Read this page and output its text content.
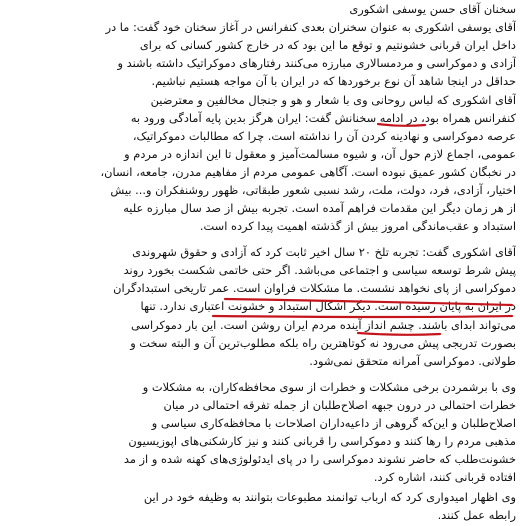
سخنان آقای حسن یوسفی اشکوری
آقای یوسفی اشکوری به عنوان سخنران بعدی کنفرانس در آغاز سخنان خود گفت: ما در
داخل ایران قربانی خشونتیم و توقع ما این بود که در خارج کشور کسانی که برای
آزادی و دموکراسی و مردمسالاری مبارزه می‌کنند رفتارهای دموکراتیک داشته باشند و
حداقل در اینجا شاهد آن نوع برخوردها که در ایران با آن مواجه هستیم نباشیم.
آقای اشکوری که لباس روحانی وی با شعار و هو و جنجال مخالفین و معترضین
کنفرانس همراه بود، در ادامه سخنانش گفت: ایران هرگز بدین پایه آمادگی ورود به
عرصه دموکراسی و نهادینه کردن آن را نداشته است. چرا که مطالبات دموکراتیک،
عمومی، اجماع لازم حول آن، و شیوه مسالمت‌آمیز و معقول تا این اندازه در مردم و
در نخبگان کشور عمیق نبوده است. آگاهی عمومی مردم از مفاهیم مدرن، جامعه، انسان،
اختیار، آزادی، فرد، دولت، ملت، رشد نسبی شعور طبقاتی، ظهور روشنفکران و... بیش
از هر زمان دیگر این مقدمات فراهم آمده است. تجربه بیش از صد سال مبارزه علیه
استبداد و عقب‌ماندگی امروز بیش از گذشته اهمیت پیدا کرده است.
آقای اشکوری گفت: تجربه تلخ ۲۰ سال اخیر ثابت کرد که آزادی و حقوق شهروندی
پیش شرط توسعه سیاسی و اجتماعی می‌باشد. اگر حتی خاتمی شکست بخورد روند
دموکراسی از پای نخواهد نشست. ما مشکلات فراوان است. عمر تاریخی استبدادگران
در ایران به پایان رسیده است. دیگر اشکال استبداد و خشونت اعتباری ندارد. تنها
می‌تواند ابدای باشند. چشم انداز آینده مردم ایران روشن است. این بار دموکراسی
بصورت تدریجی پیش می‌رود نه کوتاهترین راه بلکه مطلوب‌ترین آن و البته سخت و
طولانی. دموکراسی آمرانه متحقق نمی‌شود.
وی با برشمردن برخی مشکلات و خطرات از سوی محافظه‌کاران، به مشکلات و
خطرات احتمالی در درون جبهه اصلاح‌طلبان از جمله تفرقه احتمالی در میان
اصلاح‌طلبان و این‌که گروهی از داعیه‌داران اصلاحات با محافظه‌کاری سیاسی و
مذهبی مردم را رها کنند و دموکراسی را قربانی کنند و نیز کارشکنی‌های اپوزیسیون
خشونت‌طلب که حاضر نشوند دموکراسی را در پای ایدئولوژی‌های کهنه شده و از مد
افتاده قربانی کنند، اشاره کرد.
وی اظهار امیدواری کرد که ارباب توانمند مطبوعات بتوانند به وظیفه خود در این
رابطه عمل کنند.
